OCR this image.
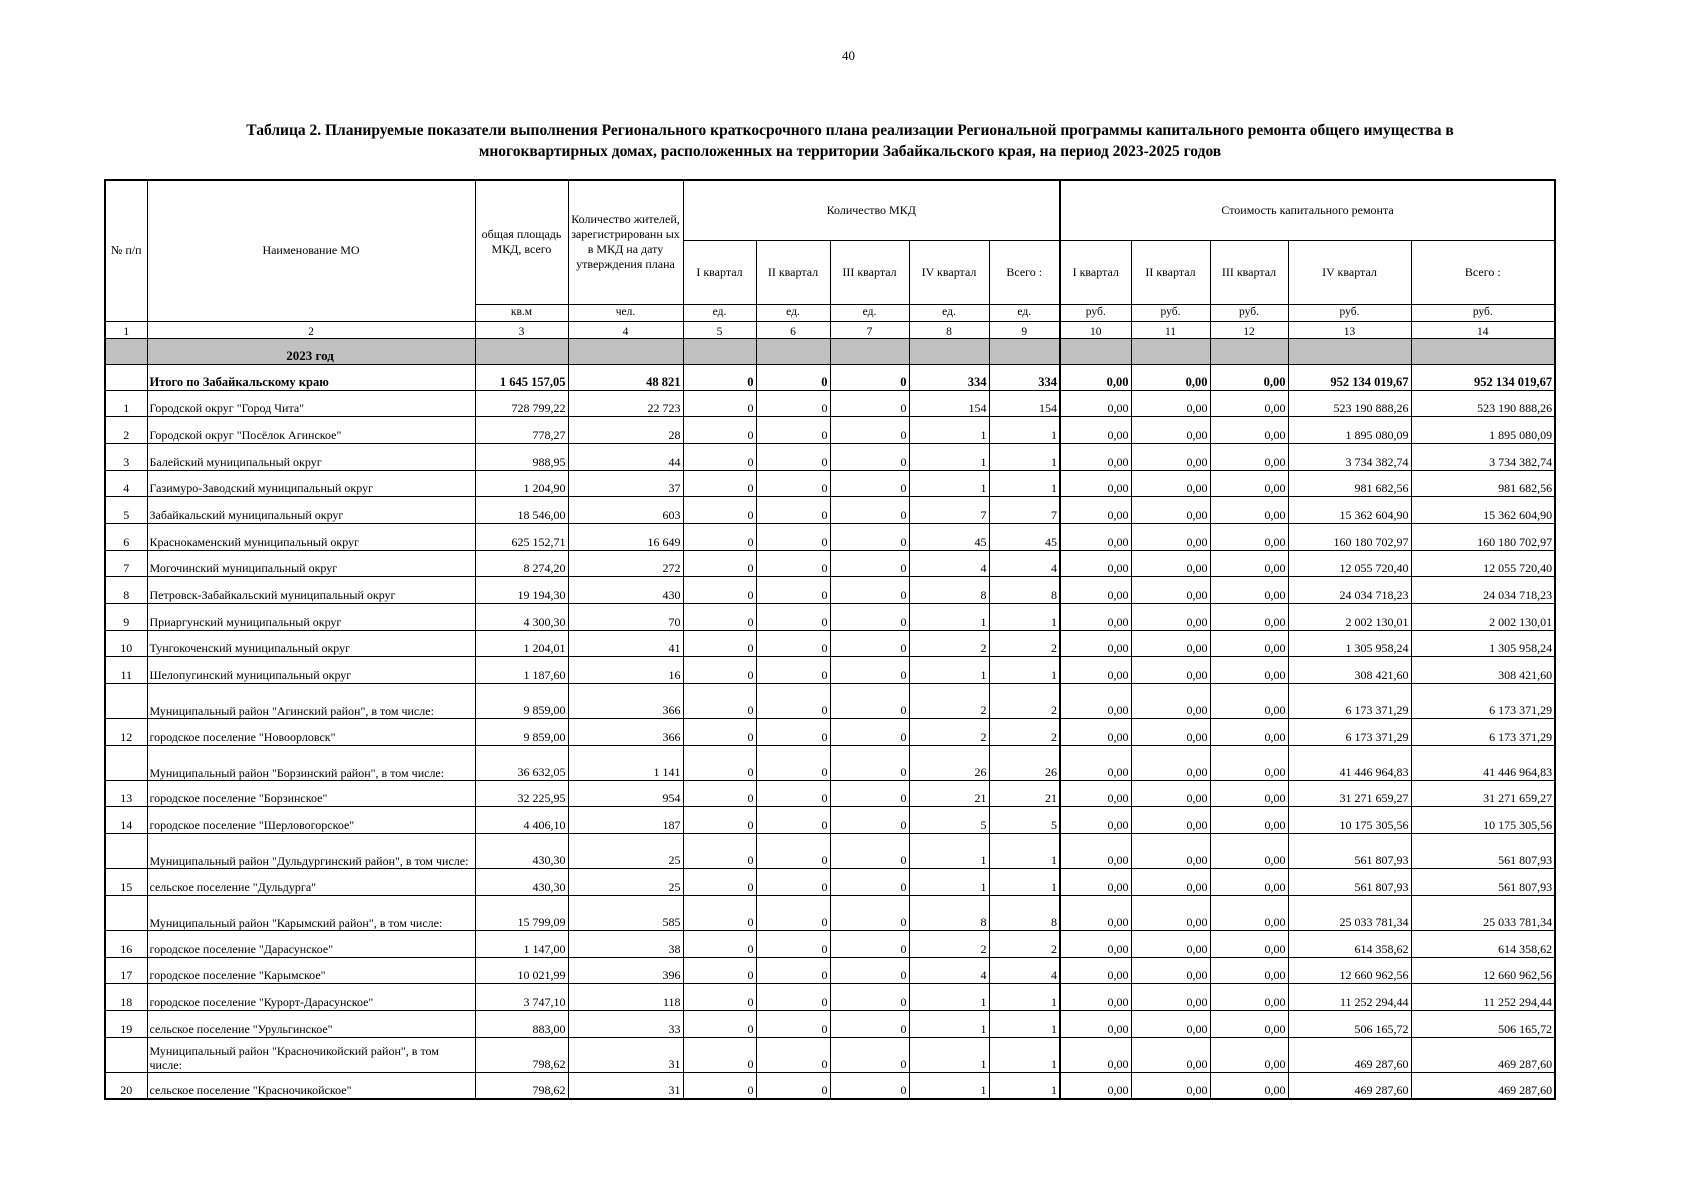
40
Таблица 2. Планируемые показатели выполнения Регионального краткосрочного плана реализации Региональной программы капитального ремонта общего имущества в
многоквартирных домах, расположенных на территории Забайкальского края, на период 2023-2025 годов
№ п/п	Наименование МО	общая площадь МКД, всего	Количество жителей, зарегистрированн ых в МКД на дату утверждения плана	Количество МКД					Стоимость капитального ремонта				
				I квартал	II квартал	III квартал	IV квартал	Всего :	I квартал	II квартал	III квартал	IV квартал	Всего :
		кв.м	чел.	ед.	ед.	ед.	ед.	ед.	руб.	руб.	руб.	руб.	руб.
1	2	3	4	5	6	7	8	9	10	11	12	13	14
	2023 год												
	Итого по Забайкальскому краю	1 645 157,05	48 821	0	0	0	334	334	0,00	0,00	0,00	952 134 019,67	952 134 019,67
1	Городской округ "Город Чита"	728 799,22	22 723	0	0	0	154	154	0,00	0,00	0,00	523 190 888,26	523 190 888,26
2	Городской округ "Посёлок Агинское"	778,27	28	0	0	0	1	1	0,00	0,00	0,00	1 895 080,09	1 895 080,09
3	Балейский муниципальный округ	988,95	44	0	0	0	1	1	0,00	0,00	0,00	3 734 382,74	3 734 382,74
4	Газимуро-Заводский муниципальный округ	1 204,90	37	0	0	0	1	1	0,00	0,00	0,00	981 682,56	981 682,56
5	Забайкальский муниципальный округ	18 546,00	603	0	0	0	7	7	0,00	0,00	0,00	15 362 604,90	15 362 604,90
6	Краснокаменский муниципальный округ	625 152,71	16 649	0	0	0	45	45	0,00	0,00	0,00	160 180 702,97	160 180 702,97
7	Могочинский муниципальный округ	8 274,20	272	0	0	0	4	4	0,00	0,00	0,00	12 055 720,40	12 055 720,40
8	Петровск-Забайкальский муниципальный округ	19 194,30	430	0	0	0	8	8	0,00	0,00	0,00	24 034 718,23	24 034 718,23
9	Приаргунский муниципальный округ	4 300,30	70	0	0	0	1	1	0,00	0,00	0,00	2 002 130,01	2 002 130,01
10	Тунгокоченский муниципальный округ	1 204,01	41	0	0	0	2	2	0,00	0,00	0,00	1 305 958,24	1 305 958,24
11	Шелопугинский муниципальный округ	1 187,60	16	0	0	0	1	1	0,00	0,00	0,00	308 421,60	308 421,60
	Муниципальный район "Агинский район", в том числе:	9 859,00	366	0	0	0	2	2	0,00	0,00	0,00	6 173 371,29	6 173 371,29
12	городское поселение "Новоорловск"	9 859,00	366	0	0	0	2	2	0,00	0,00	0,00	6 173 371,29	6 173 371,29
	Муниципальный район "Борзинский район", в том числе:	36 632,05	1 141	0	0	0	26	26	0,00	0,00	0,00	41 446 964,83	41 446 964,83
13	городское поселение "Борзинское"	32 225,95	954	0	0	0	21	21	0,00	0,00	0,00	31 271 659,27	31 271 659,27
14	городское поселение "Шерловогорское"	4 406,10	187	0	0	0	5	5	0,00	0,00	0,00	10 175 305,56	10 175 305,56
	Муниципальный район "Дульдургинский район", в том числе:	430,30	25	0	0	0	1	1	0,00	0,00	0,00	561 807,93	561 807,93
15	сельское поселение "Дульдурга"	430,30	25	0	0	0	1	1	0,00	0,00	0,00	561 807,93	561 807,93
	Муниципальный район "Карымский район", в том числе:	15 799,09	585	0	0	0	8	8	0,00	0,00	0,00	25 033 781,34	25 033 781,34
16	городское поселение "Дарасунское"	1 147,00	38	0	0	0	2	2	0,00	0,00	0,00	614 358,62	614 358,62
17	городское поселение "Карымское"	10 021,99	396	0	0	0	4	4	0,00	0,00	0,00	12 660 962,56	12 660 962,56
18	городское поселение "Курорт-Дарасунское"	3 747,10	118	0	0	0	1	1	0,00	0,00	0,00	11 252 294,44	11 252 294,44
19	сельское поселение "Урульгинское"	883,00	33	0	0	0	1	1	0,00	0,00	0,00	506 165,72	506 165,72
	Муниципальный район "Красночикойский район", в том числе:	798,62	31	0	0	0	1	1	0,00	0,00	0,00	469 287,60	469 287,60
20	сельское поселение "Красночикойское"	798,62	31	0	0	0	1	1	0,00	0,00	0,00	469 287,60	469 287,60
